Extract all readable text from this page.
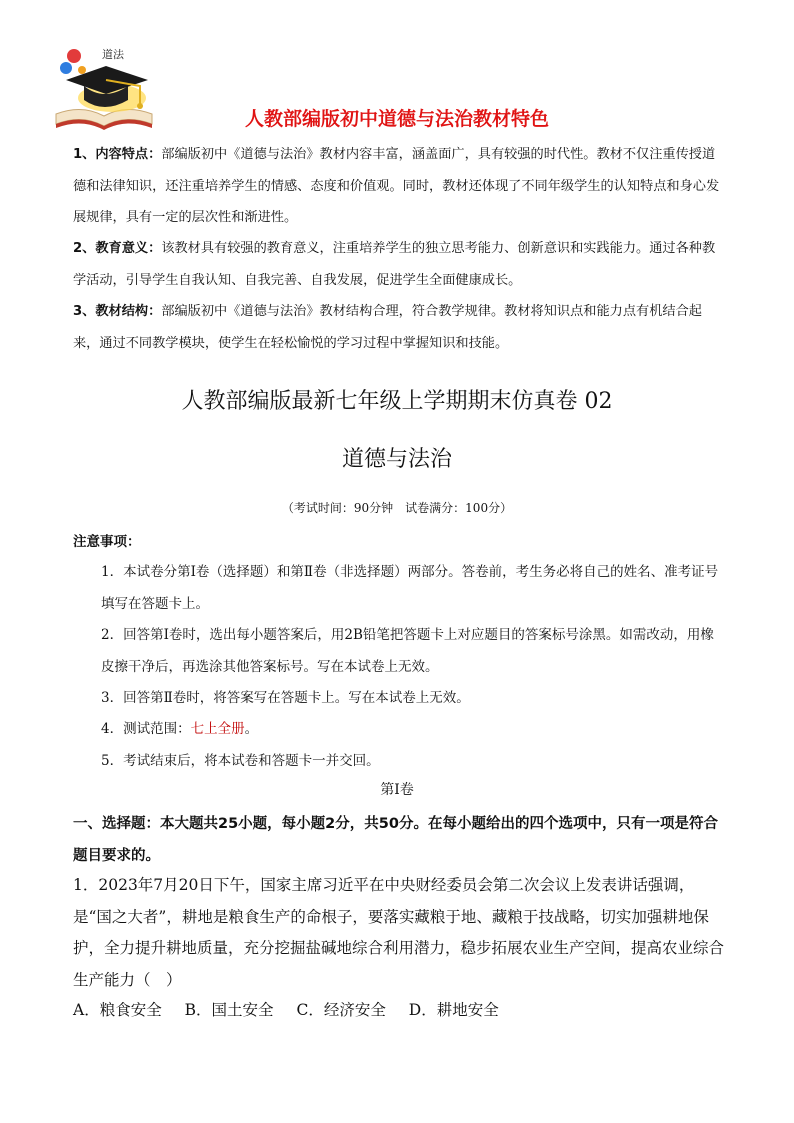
道法
人教部编版初中道德与法治教材特色
1、内容特点：部编版初中《道德与法治》教材内容丰富，涵盖面广，具有较强的时代性。教材不仅注重传授道德和法律知识，还注重培养学生的情感、态度和价值观。同时，教材还体现了不同年级学生的认知特点和身心发展规律，具有一定的层次性和渐进性。
2、教育意义：该教材具有较强的教育意义，注重培养学生的独立思考能力、创新意识和实践能力。通过各种教学活动，引导学生自我认知、自我完善、自我发展，促进学生全面健康成长。
3、教材结构：部编版初中《道德与法治》教材结构合理，符合教学规律。教材将知识点和能力点有机结合起来，通过不同教学模块，使学生在轻松愉悦的学习过程中掌握知识和技能。
人教部编版最新七年级上学期期末仿真卷 02
道德与法治
（考试时间：90分钟　试卷满分：100分）
注意事项：
1．本试卷分第Ⅰ卷（选择题）和第Ⅱ卷（非选择题）两部分。答卷前，考生务必将自己的姓名、准考证号填写在答题卡上。
2．回答第Ⅰ卷时，选出每小题答案后，用2B铅笔把答题卡上对应题目的答案标号涂黑。如需改动，用橡皮擦干净后，再选涂其他答案标号。写在本试卷上无效。
3．回答第Ⅱ卷时，将答案写在答题卡上。写在本试卷上无效。
4．测试范围：七上全册。
5．考试结束后，将本试卷和答题卡一并交回。
第Ⅰ卷
一、选择题：本大题共25小题，每小题2分，共50分。在每小题给出的四个选项中，只有一项是符合题目要求的。
1．2023年7月20日下午，国家主席习近平在中央财经委员会第二次会议上发表讲话强调，是“国之大者”，耕地是粮食生产的命根子，要落实藏粮于地、藏粮于技战略，切实加强耕地保护，全力提升耕地质量，充分挖掘盐碱地综合利用潜力，稳步拓展农业生产空间，提高农业综合生产能力（　）
A．粮食安全 B．国土安全 C．经济安全 D．耕地安全
